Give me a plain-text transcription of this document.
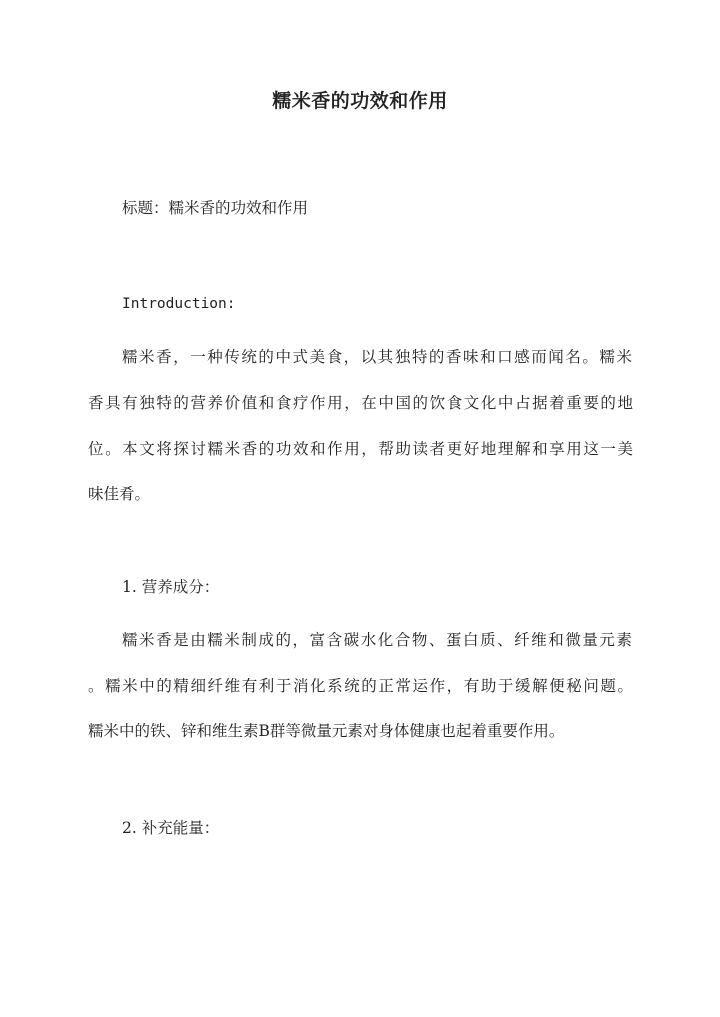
糯米香的功效和作用

标题：糯米香的功效和作用

Introduction:

糯米香，一种传统的中式美食，以其独特的香味和口感而闻名。糯米

香具有独特的营养价值和食疗作用，在中国的饮食文化中占据着重要的地

位。本文将探讨糯米香的功效和作用，帮助读者更好地理解和享用这一美

味佳肴。

1. 营养成分：

糯米香是由糯米制成的，富含碳水化合物、蛋白质、纤维和微量元素

。糯米中的精细纤维有利于消化系统的正常运作，有助于缓解便秘问题。

糯米中的铁、锌和维生素B群等微量元素对身体健康也起着重要作用。

2. 补充能量：
